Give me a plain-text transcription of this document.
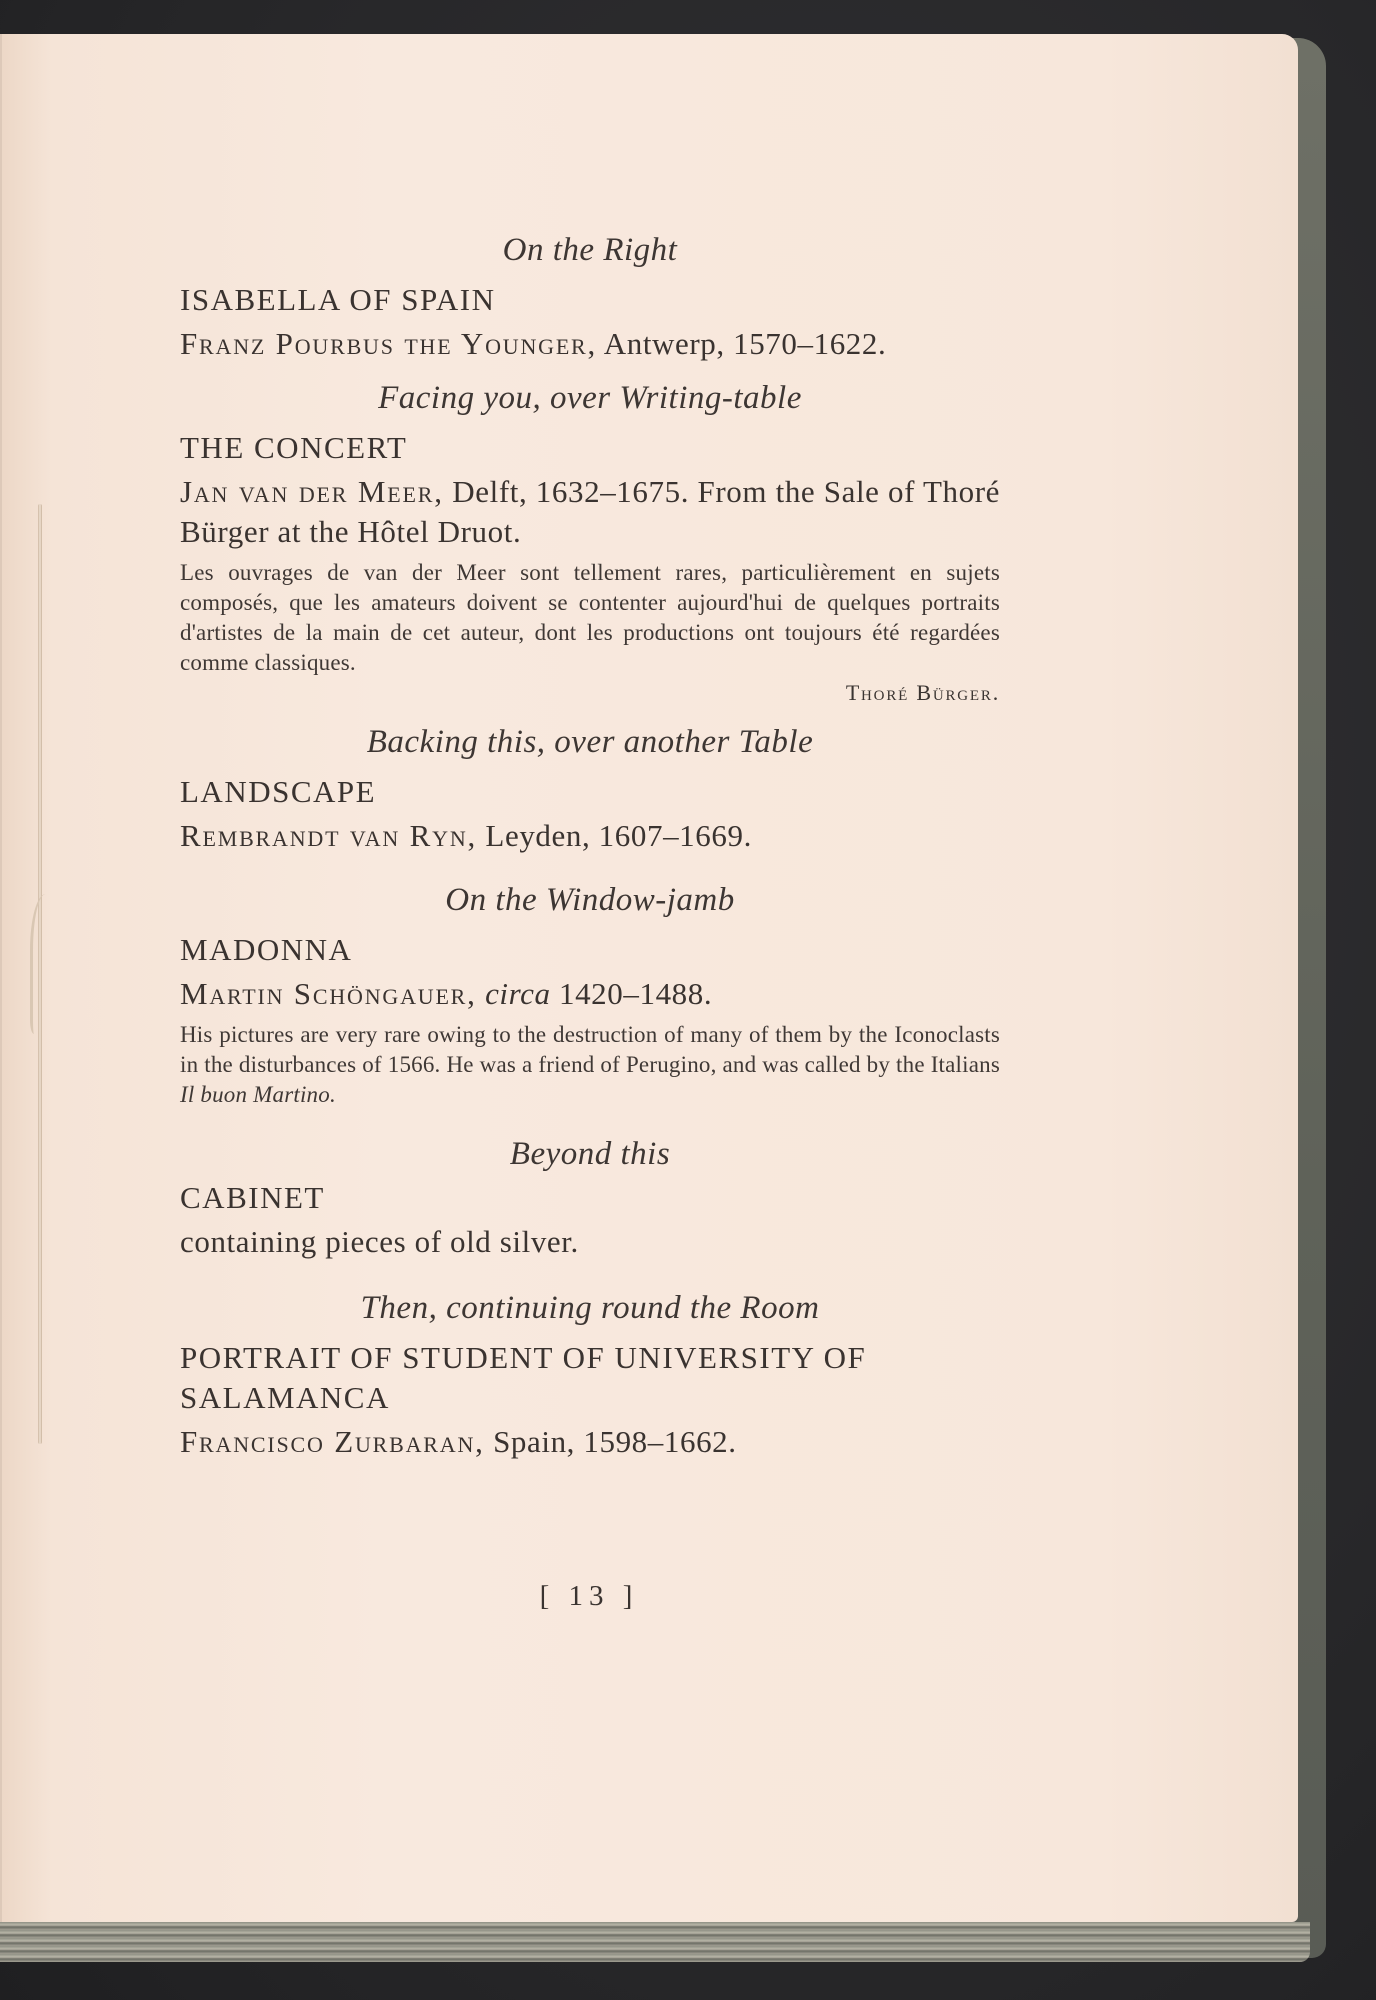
On the Right
ISABELLA OF SPAIN
Franz Pourbus the Younger, Antwerp, 1570–1622.
Facing you, over Writing-table
THE CONCERT
Jan van der Meer, Delft, 1632–1675. From the Sale of Thoré Bürger at the Hôtel Druot.
Les ouvrages de van der Meer sont tellement rares, particulièrement en sujets composés, que les amateurs doivent se contenter aujourd'hui de quelques portraits d'artistes de la main de cet auteur, dont les productions ont toujours été regardées comme classiques.
Thoré Bürger.
Backing this, over another Table
LANDSCAPE
Rembrandt van Ryn, Leyden, 1607–1669.
On the Window-jamb
MADONNA
Martin Schöngauer, circa 1420–1488.
His pictures are very rare owing to the destruction of many of them by the Iconoclasts in the disturbances of 1566. He was a friend of Perugino, and was called by the Italians Il buon Martino.
Beyond this
CABINET
containing pieces of old silver.
Then, continuing round the Room
PORTRAIT OF STUDENT OF UNIVERSITY OF SALAMANCA
Francisco Zurbaran, Spain, 1598–1662.
[ 13 ]
